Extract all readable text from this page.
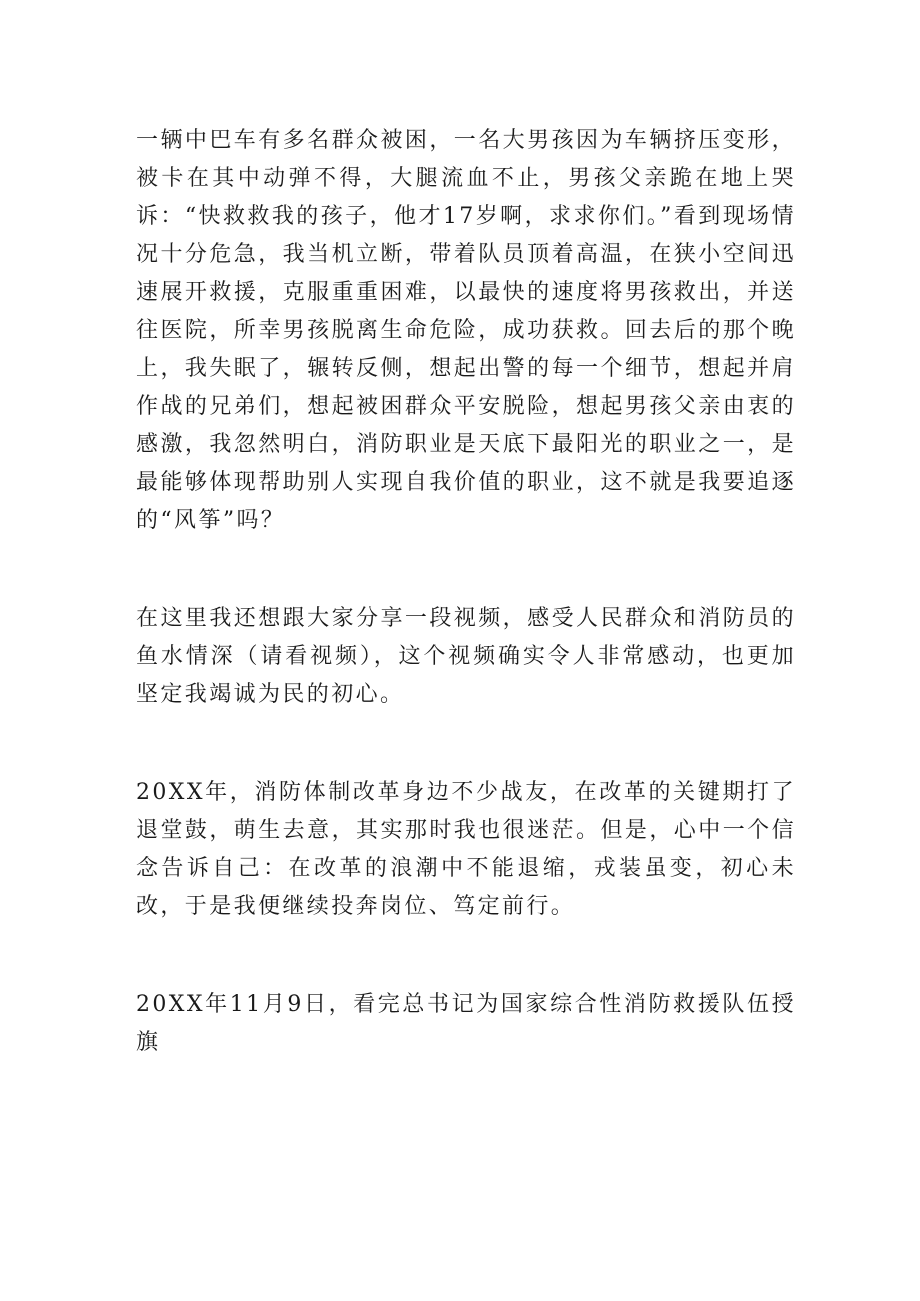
一辆中巴车有多名群众被困，一名大男孩因为车辆挤压变形，被卡在其中动弹不得，大腿流血不止，男孩父亲跪在地上哭诉：“快救救我的孩子，他才17岁啊，求求你们。”看到现场情况十分危急，我当机立断，带着队员顶着高温，在狭小空间迅速展开救援，克服重重困难，以最快的速度将男孩救出，并送往医院，所幸男孩脱离生命危险，成功获救。回去后的那个晚上，我失眠了，辗转反侧，想起出警的每一个细节，想起并肩作战的兄弟们，想起被困群众平安脱险，想起男孩父亲由衷的感激，我忽然明白，消防职业是天底下最阳光的职业之一，是最能够体现帮助别人实现自我价值的职业，这不就是我要追逐的“风筝”吗？

在这里我还想跟大家分享一段视频，感受人民群众和消防员的鱼水情深（请看视频），这个视频确实令人非常感动，也更加坚定我竭诚为民的初心。

20XX年，消防体制改革身边不少战友，在改革的关键期打了退堂鼓，萌生去意，其实那时我也很迷茫。但是，心中一个信念告诉自己：在改革的浪潮中不能退缩，戎装虽变，初心未改，于是我便继续投奔岗位、笃定前行。

20XX年11月9日，看完总书记为国家综合性消防救援队伍授旗
